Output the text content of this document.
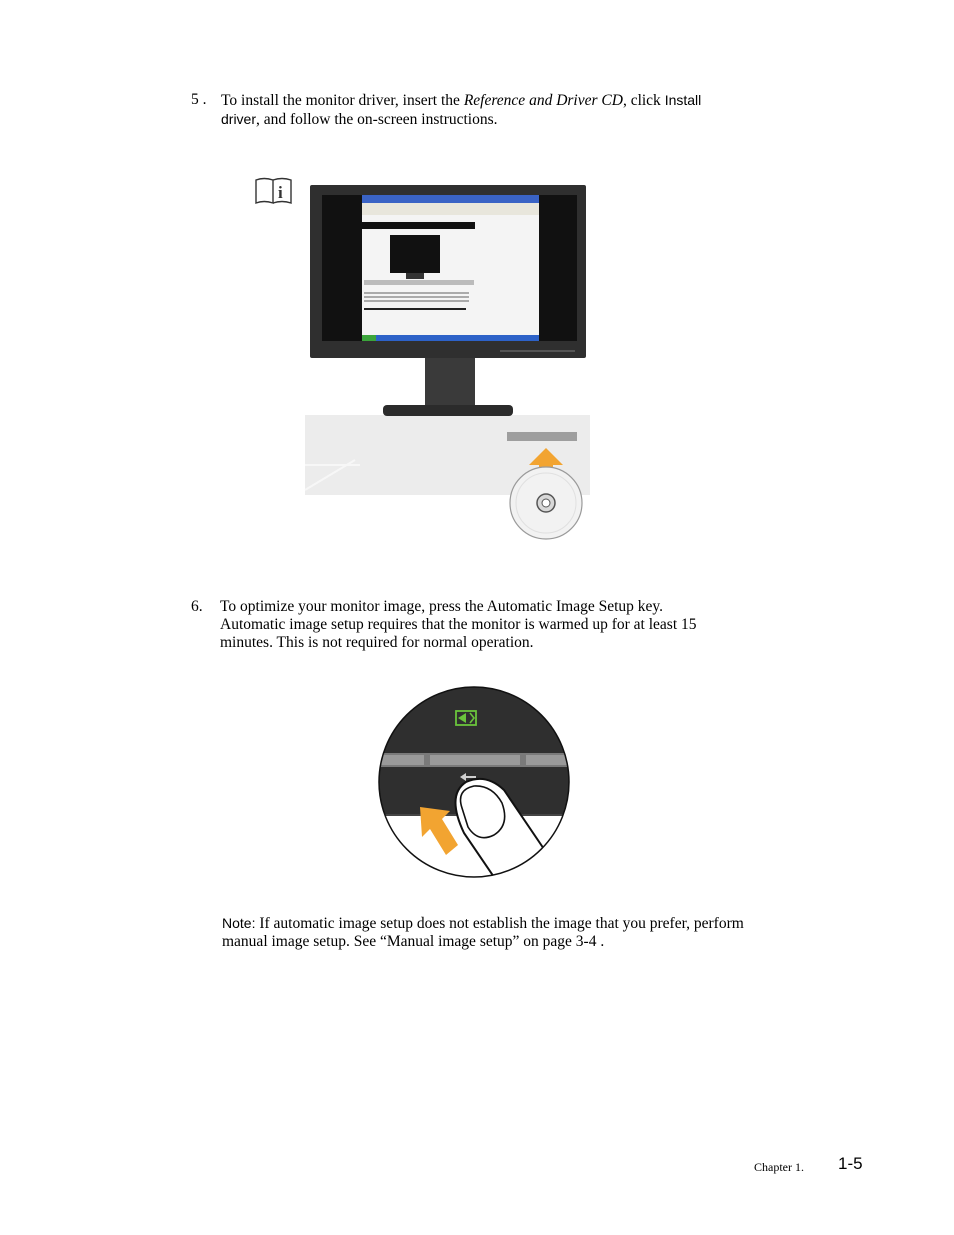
5 . To install the monitor driver, insert the Reference and Driver CD, click Install
driver, and follow the on-screen instructions.
i
6. To optimize your monitor image, press the Automatic Image Setup key.
Automatic image setup requires that the monitor is warmed up for at least 15
minutes. This is not required for normal operation.
Note: If automatic image setup does not establish the image that you prefer, perform
manual image setup. See “Manual image setup” on page 3-4 .
Chapter 1. 1-5
